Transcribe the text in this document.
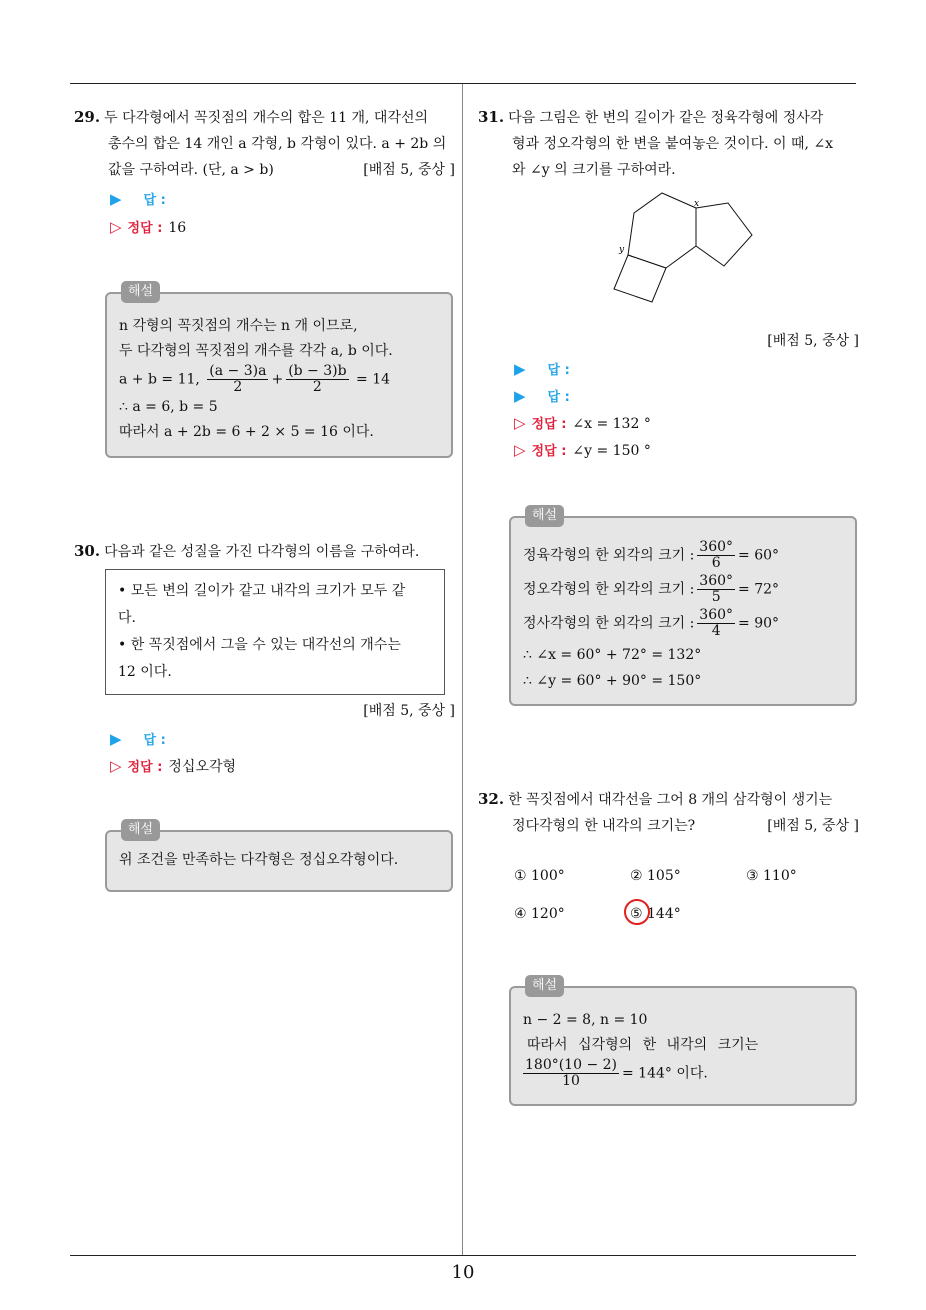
29. 두 다각형에서 꼭짓점의 개수의 합은 11 개, 대각선의
총수의 합은 14 개인 a 각형, b 각형이 있다. a + 2b 의
값을 구하여라. (단, a > b)	[배점 5, 중상 ]
▶ 답 :
▷ 정답 : 16
해설
n 각형의 꼭짓점의 개수는 n 개 이므로,
두 다각형의 꼭짓점의 개수를 각각 a, b 이다.
a + b = 11, $\frac{(a - 3)a}{2} + \frac{(b - 3)b}{2} = 14$
∴ a = 6, b = 5
따라서 a + 2b = 6 + 2 × 5 = 16 이다.
30. 다음과 같은 성질을 가진 다각형의 이름을 구하여라.
• 모든 변의 길이가 같고 내각의 크기가 모두 같
다.
• 한 꼭짓점에서 그을 수 있는 대각선의 개수는
12 이다.
[배점 5, 중상 ]
▶ 답 :
▷ 정답 : 정십오각형
해설
위 조건을 만족하는 다각형은 정십오각형이다.
31. 다음 그림은 한 변의 길이가 같은 정육각형에 정사각
형과 정오각형의 한 변을 붙여놓은 것이다. 이 때, ∠x
와 ∠y 의 크기를 구하여라.
x
y
[배점 5, 중상 ]
▶ 답 :
▶ 답 :
▷ 정답 : ∠x = 132 °
▷ 정답 : ∠y = 150 °
해설
정육각형의 한 외각의 크기 : $\frac{360^\circ}{6} = 60^\circ$
정오각형의 한 외각의 크기 : $\frac{360^\circ}{5} = 72^\circ$
정사각형의 한 외각의 크기 : $\frac{360^\circ}{4} = 90^\circ$
∴ ∠x = 60° + 72° = 132°
∴ ∠y = 60° + 90° = 150°
32. 한 꼭짓점에서 대각선을 그어 8 개의 삼각형이 생기는
정다각형의 한 내각의 크기는?	[배점 5, 중상 ]
① 100°	② 105°	③ 110°
④ 120°	⑤ 144°
해설
n − 2 = 8, n = 10
따라서 십각형의 한 내각의 크기는
$\frac{180^\circ(10 - 2)}{10} = 144^\circ$ 이다.
10
